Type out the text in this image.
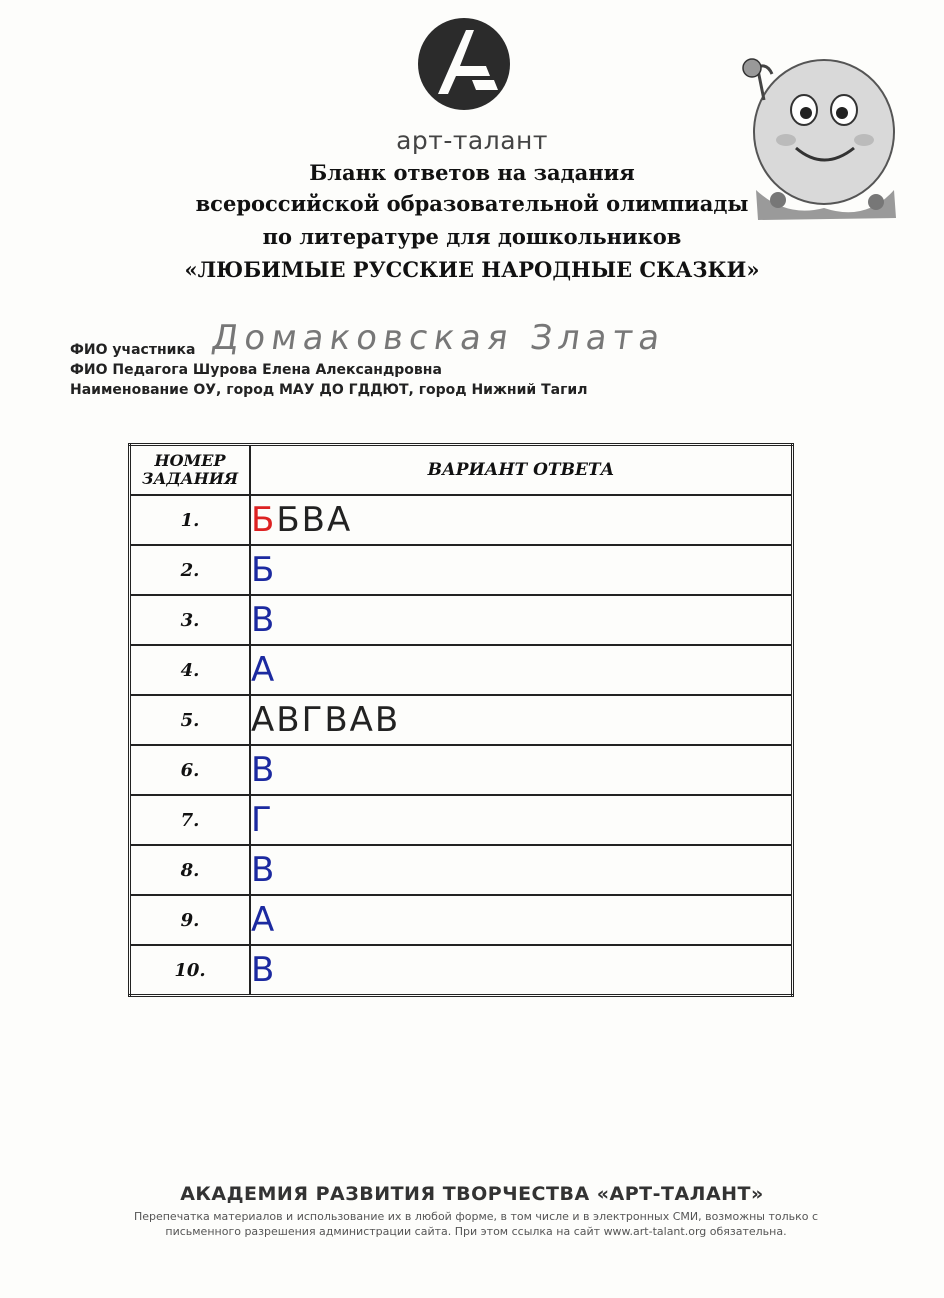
арт-талант
Бланк ответов на задания
всероссийской образовательной олимпиады
по литературе для дошкольников
«ЛЮБИМЫЕ РУССКИЕ НАРОДНЫЕ СКАЗКИ»
ФИО участника Домаковская Злата
ФИО Педагога Шурова Елена Александровна
Наименование ОУ, город МАУ ДО ГДДЮТ, город Нижний Тагил
НОМЕР ЗАДАНИЯ	ВАРИАНТ ОТВЕТА
1.	ББВА
2.	Б
3.	В
4.	А
5.	АВГВАВ
6.	В
7.	Г
8.	В
9.	А
10.	В
АКАДЕМИЯ РАЗВИТИЯ ТВОРЧЕСТВА «АРТ-ТАЛАНТ»
Перепечатка материалов и использование их в любой форме, в том числе и в электронных СМИ, возможны только с письменного разрешения администрации сайта. При этом ссылка на сайт www.art-talant.org обязательна.
